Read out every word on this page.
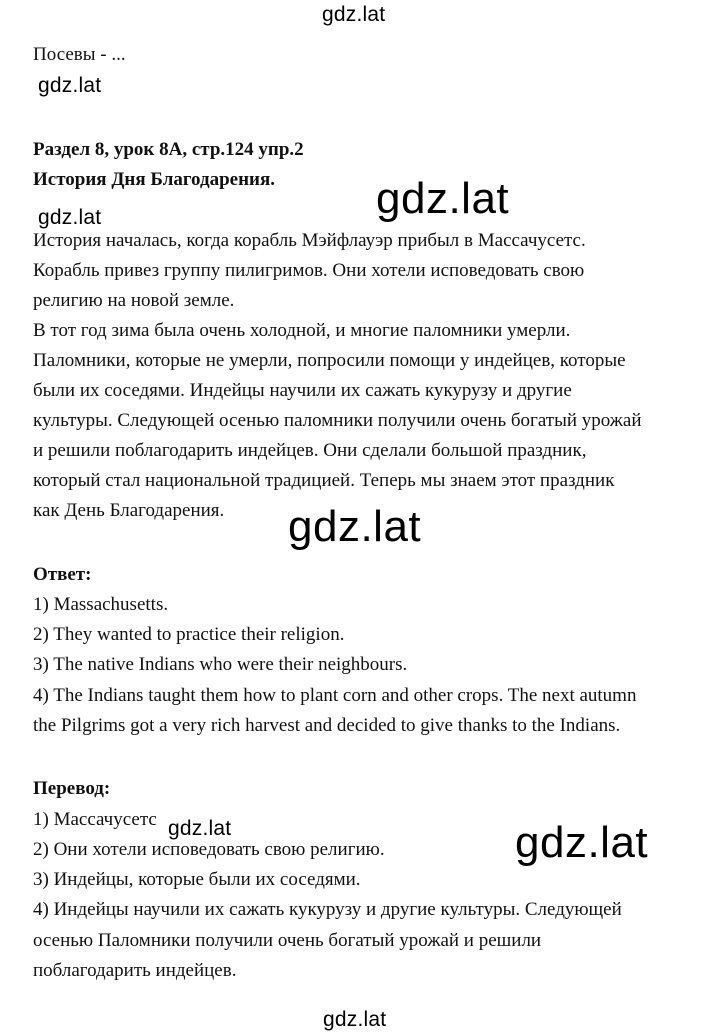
gdz.lat
gdz.lat
gdz.lat
gdz.lat
gdz.lat
gdz.lat	gdz.lat
gdz.lat
Посевы - ...
Раздел 8, урок 8А, стр.124 упр.2
История Дня Благодарения.
История началась, когда корабль Мэйфлауэр прибыл в Массачусетс.
Корабль привез группу пилигримов. Они хотели исповедовать свою
религию на новой земле.
В тот год зима была очень холодной, и многие паломники умерли.
Паломники, которые не умерли, попросили помощи у индейцев, которые
были их соседями. Индейцы научили их сажать кукурузу и другие
культуры. Следующей осенью паломники получили очень богатый урожай
и решили поблагодарить индейцев. Они сделали большой праздник,
который стал национальной традицией. Теперь мы знаем этот праздник
как День Благодарения.
Ответ:
1) Massachusetts.
2) They wanted to practice their religion.
3) The native Indians who were their neighbours.
4) The Indians taught them how to plant corn and other crops. The next autumn
the Pilgrims got a very rich harvest and decided to give thanks to the Indians.
Перевод:
1) Массачусетс
2) Они хотели исповедовать свою религию.
3) Индейцы, которые были их соседями.
4) Индейцы научили их сажать кукурузу и другие культуры. Следующей
осенью Паломники получили очень богатый урожай и решили
поблагодарить индейцев.
